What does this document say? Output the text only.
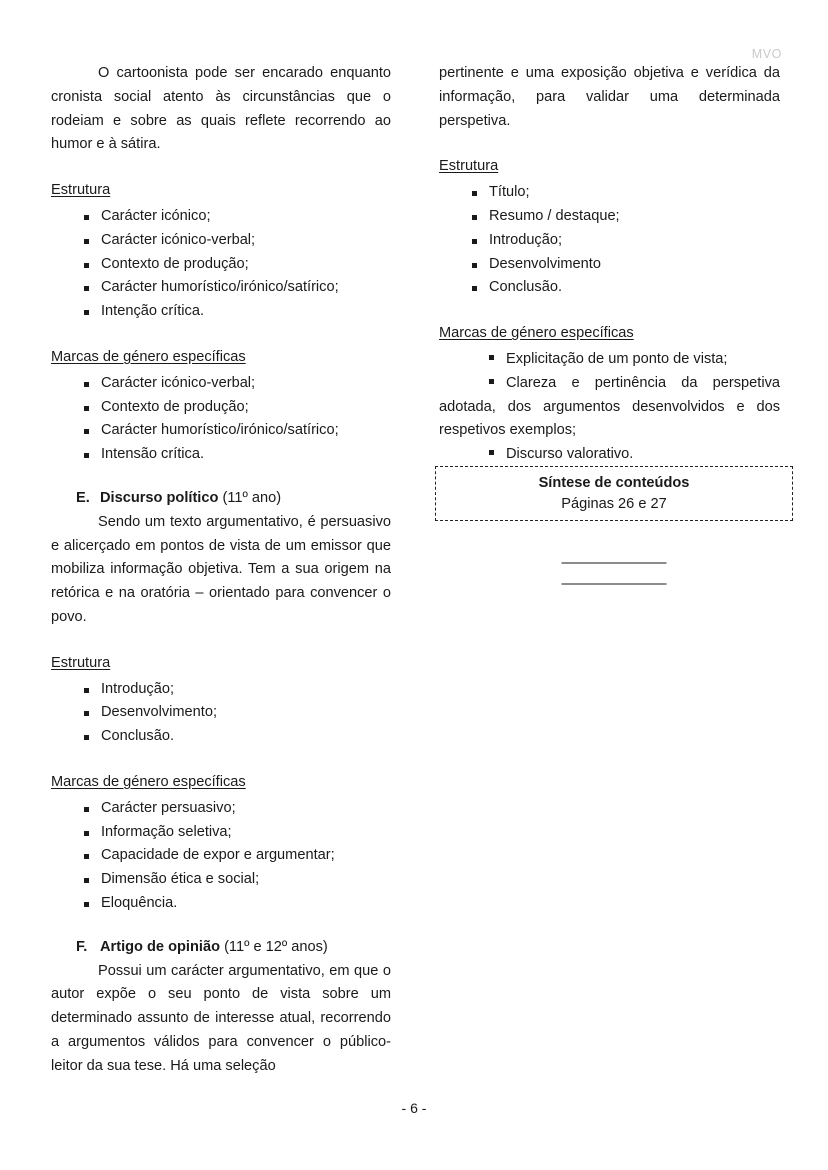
MVO

O cartoonista pode ser encarado enquanto cronista social atento às circunstâncias que o rodeiam e sobre as quais reflete recorrendo ao humor e à sátira.

Estrutura
Carácter icónico;
Carácter icónico-verbal;
Contexto de produção;
Carácter humorístico/irónico/satírico;
Intenção crítica.
Marcas de género específicas
Carácter icónico-verbal;
Contexto de produção;
Carácter humorístico/irónico/satírico;
Intensão crítica.

E. Discurso político (11º ano)

Sendo um texto argumentativo, é persuasivo e alicerçado em pontos de vista de um emissor que mobiliza informação objetiva. Tem a sua origem na retórica e na oratória – orientado para convencer o povo.

Estrutura
Introdução;
Desenvolvimento;
Conclusão.
Marcas de género específicas
Carácter persuasivo;
Informação seletiva;
Capacidade de expor e argumentar;
Dimensão ética e social;
Eloquência.

F. Artigo de opinião (11º e 12º anos)

Possui um carácter argumentativo, em que o autor expõe o seu ponto de vista sobre um determinado assunto de interesse atual, recorrendo a argumentos válidos para convencer o público-leitor da sua tese. Há uma seleção

pertinente e uma exposição objetiva e verídica da informação, para validar uma determinada perspetiva.

Estrutura
Título;
Resumo / destaque;
Introdução;
Desenvolvimento
Conclusão.
Marcas de género específicas
Explicitação de um ponto de vista;
Clareza e pertinência da perspetiva adotada, dos argumentos desenvolvidos e dos respetivos exemplos;
Discurso valorativo.
Síntese de conteúdos
Páginas 26 e 27
———————
———————
- 6 -
